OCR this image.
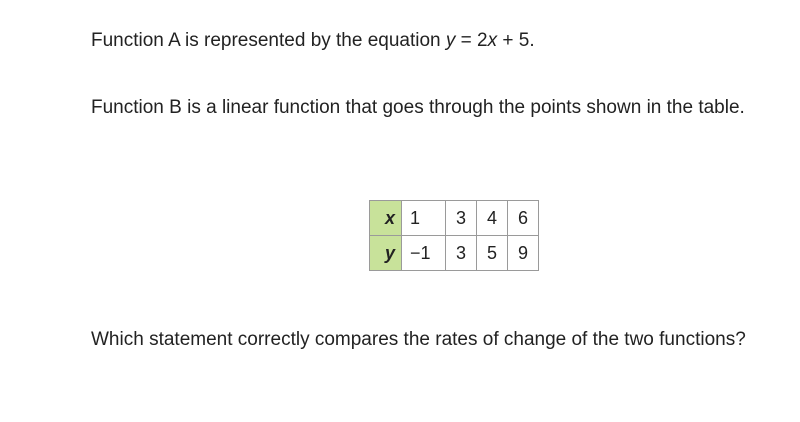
Function A is represented by the equation y = 2x + 5.

Function B is a linear function that goes through the points shown in the table.

x	1	3	4	6
y	−1	3	5	9

Which statement correctly compares the rates of change of the two functions?
